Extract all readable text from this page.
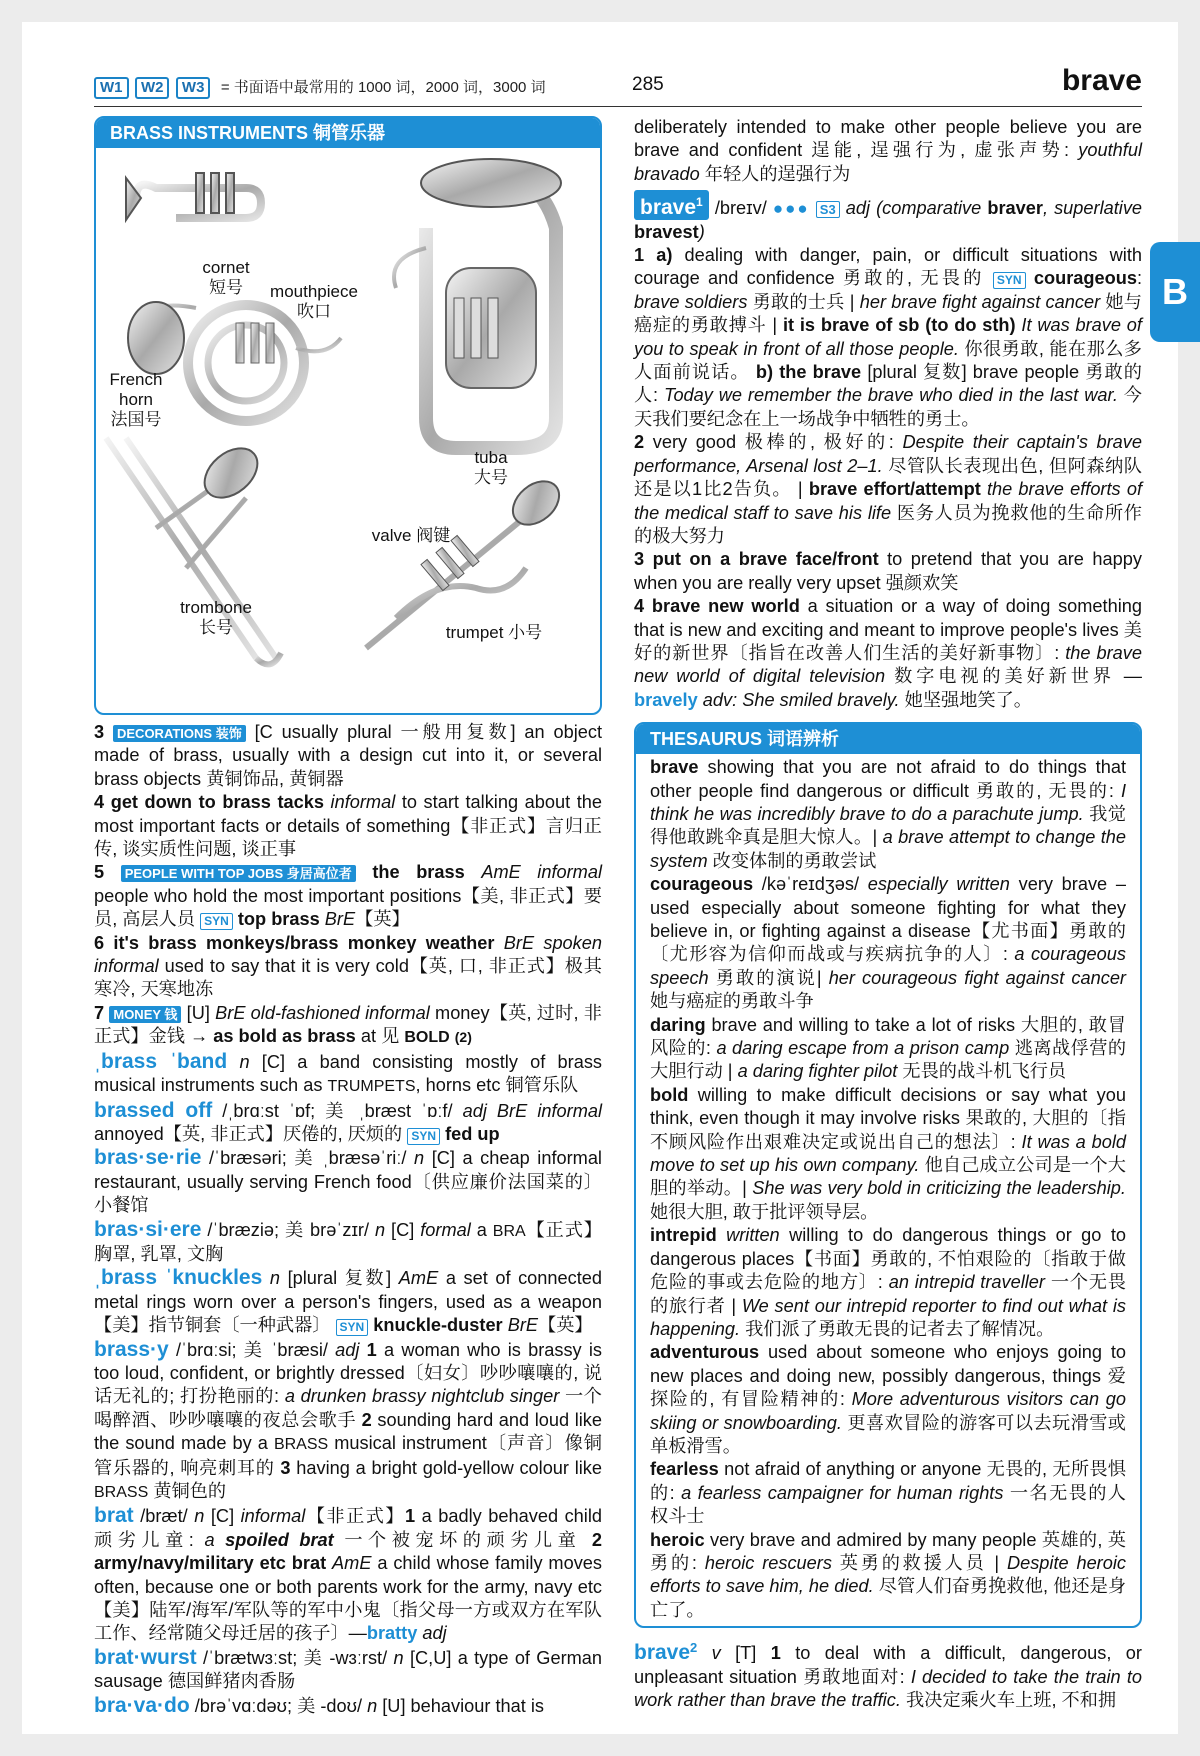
W1 W2 W3 = 书面语中最常用的 1000 词，2000 词，3000 词	285	brave
B
BRASS INSTRUMENTS 铜管乐器
cornet
短号	mouthpiece
吹口
French
horn
法国号
tuba
大号
valve 阀键
trombone
长号	trumpet 小号

3 DECORATIONS 装饰 [C usually plural 一般用复数] an object made of brass, usually with a design cut into it, or several brass objects 黄铜饰品, 黄铜器

4 get down to brass tacks informal to start talking about the most important facts or details of something【非正式】言归正传, 谈实质性问题, 谈正事

5 PEOPLE WITH TOP JOBS 身居高位者 the brass AmE informal people who hold the most important positions【美, 非正式】要员, 高层人员 SYN top brass BrE【英】

6 it's brass monkeys/brass monkey weather BrE spoken informal used to say that it is very cold【英, 口, 非正式】极其寒冷, 天寒地冻

7 MONEY 钱 [U] BrE old-fashioned informal money【英, 过时, 非正式】金钱 → as bold as brass at 见 BOLD (2)

ˌbrass ˈband n [C] a band consisting mostly of brass musical instruments such as TRUMPETS, horns etc 铜管乐队

brassed off /ˌbrɑːst ˈɒf; 美 ˌbræst ˈɒːf/ adj BrE informal annoyed【英, 非正式】厌倦的, 厌烦的 SYN fed up

bras·se·rie /ˈbræsəri; 美 ˌbræsəˈriː/ n [C] a cheap informal restaurant, usually serving French food〔供应廉价法国菜的〕小餐馆

bras·si·ere /ˈbræziə; 美 brəˈzɪr/ n [C] formal a BRA【正式】胸罩, 乳罩, 文胸

ˌbrass ˈknuckles n [plural 复数] AmE a set of connected metal rings worn over a person's fingers, used as a weapon【美】指节铜套〔一种武器〕 SYN knuckle-duster BrE【英】

brass·y /ˈbrɑːsi; 美 ˈbræsi/ adj 1 a woman who is brassy is too loud, confident, or brightly dressed〔妇女〕吵吵嚷嚷的, 说话无礼的; 打扮艳丽的: a drunken brassy nightclub singer 一个喝醉酒、吵吵嚷嚷的夜总会歌手 2 sounding hard and loud like the sound made by a BRASS musical instrument〔声音〕像铜管乐器的, 响亮刺耳的 3 having a bright gold-yellow colour like BRASS 黄铜色的

brat /bræt/ n [C] informal【非正式】1 a badly behaved child 顽劣儿童: a spoiled brat 一个被宠坏的顽劣儿童 2 army/navy/military etc brat AmE a child whose family moves often, because one or both parents work for the army, navy etc【美】陆军/海军/军队等的军中小鬼〔指父母一方或双方在军队工作、经常随父母迁居的孩子〕—bratty adj

brat·wurst /ˈbrætwɜːst; 美 -wɜːrst/ n [C,U] a type of German sausage 德国鲜猪肉香肠

bra·va·do /brəˈvɑːdəʊ; 美 -doʊ/ n [U] behaviour that is

deliberately intended to make other people believe you are brave and confident 逞能, 逞强行为, 虚张声势: youthful bravado 年轻人的逞强行为

brave$^1$ /breɪv/ ●●● S3 adj (comparative braver, superlative bravest)

1 a) dealing with danger, pain, or difficult situations with courage and confidence 勇敢的, 无畏的 SYN courageous: brave soldiers 勇敢的士兵 | her brave fight against cancer 她与癌症的勇敢搏斗 | it is brave of sb (to do sth) It was brave of you to speak in front of all those people. 你很勇敢, 能在那么多人面前说话。 b) the brave [plural 复数] brave people 勇敢的人: Today we remember the brave who died in the last war. 今天我们要纪念在上一场战争中牺牲的勇士。

2 very good 极棒的, 极好的: Despite their captain's brave performance, Arsenal lost 2–1. 尽管队长表现出色, 但阿森纳队还是以1比2告负。 | brave effort/attempt the brave efforts of the medical staff to save his life 医务人员为挽救他的生命所作的极大努力

3 put on a brave face/front to pretend that you are happy when you are really very upset 强颜欢笑

4 brave new world a situation or a way of doing something that is new and exciting and meant to improve people's lives 美好的新世界〔指旨在改善人们生活的美好新事物〕: the brave new world of digital television 数字电视的美好新世界 — bravely adv: She smiled bravely. 她坚强地笑了。

THESAURUS 词语辨析

brave showing that you are not afraid to do things that other people find dangerous or difficult 勇敢的, 无畏的: I think he was incredibly brave to do a parachute jump. 我觉得他敢跳伞真是胆大惊人。| a brave attempt to change the system 改变体制的勇敢尝试

courageous /kəˈreɪdʒəs/ especially written very brave – used especially about someone fighting for what they believe in, or fighting against a disease【尤书面】勇敢的〔尤形容为信仰而战或与疾病抗争的人〕: a courageous speech 勇敢的演说| her courageous fight against cancer 她与癌症的勇敢斗争

daring brave and willing to take a lot of risks 大胆的, 敢冒风险的: a daring escape from a prison camp 逃离战俘营的大胆行动 | a daring fighter pilot 无畏的战斗机飞行员

bold willing to make difficult decisions or say what you think, even though it may involve risks 果敢的, 大胆的〔指不顾风险作出艰难决定或说出自己的想法〕: It was a bold move to set up his own company. 他自己成立公司是一个大胆的举动。| She was very bold in criticizing the leadership. 她很大胆, 敢于批评领导层。

intrepid written willing to do dangerous things or go to dangerous places【书面】勇敢的, 不怕艰险的〔指敢于做危险的事或去危险的地方〕: an intrepid traveller 一个无畏的旅行者 | We sent our intrepid reporter to find out what is happening. 我们派了勇敢无畏的记者去了解情况。

adventurous used about someone who enjoys going to new places and doing new, possibly dangerous, things 爱探险的, 有冒险精神的: More adventurous visitors can go skiing or snowboarding. 更喜欢冒险的游客可以去玩滑雪或单板滑雪。

fearless not afraid of anything or anyone 无畏的, 无所畏惧的: a fearless campaigner for human rights 一名无畏的人权斗士

heroic very brave and admired by many people 英雄的, 英勇的: heroic rescuers 英勇的救援人员 | Despite heroic efforts to save him, he died. 尽管人们奋勇挽救他, 他还是身亡了。

brave$^2$ v [T] 1 to deal with a difficult, dangerous, or unpleasant situation 勇敢地面对: I decided to take the train to work rather than brave the traffic. 我决定乘火车上班, 不和拥
